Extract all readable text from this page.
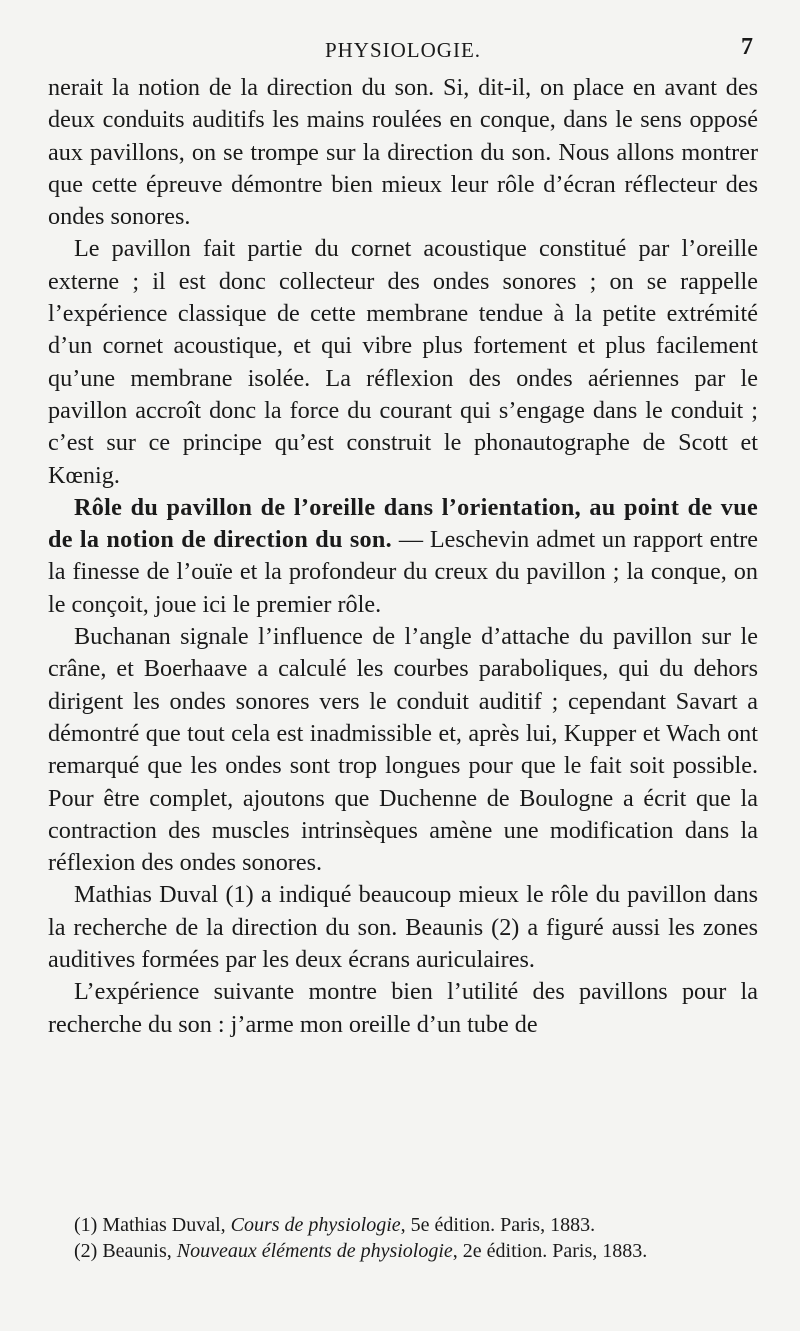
PHYSIOLOGIE.	7

nerait la notion de la direction du son. Si, dit-il, on place en avant des deux conduits auditifs les mains roulées en conque, dans le sens opposé aux pavillons, on se trompe sur la direction du son. Nous allons montrer que cette épreuve démontre bien mieux leur rôle d’écran réflecteur des ondes sonores.

Le pavillon fait partie du cornet acoustique constitué par l’oreille externe ; il est donc collecteur des ondes sonores ; on se rappelle l’expérience classique de cette membrane tendue à la petite extrémité d’un cornet acoustique, et qui vibre plus fortement et plus facilement qu’une membrane isolée. La réflexion des ondes aériennes par le pavillon accroît donc la force du courant qui s’engage dans le conduit ; c’est sur ce principe qu’est construit le phonautographe de Scott et Kœnig.

Rôle du pavillon de l’oreille dans l’orientation, au point de vue de la notion de direction du son. — Leschevin admet un rapport entre la finesse de l’ouïe et la profondeur du creux du pavillon ; la conque, on le conçoit, joue ici le premier rôle.

Buchanan signale l’influence de l’angle d’attache du pavillon sur le crâne, et Boerhaave a calculé les courbes paraboliques, qui du dehors dirigent les ondes sonores vers le conduit auditif ; cependant Savart a démontré que tout cela est inadmissible et, après lui, Kupper et Wach ont remarqué que les ondes sont trop longues pour que le fait soit possible. Pour être complet, ajoutons que Duchenne de Boulogne a écrit que la contraction des muscles intrinsèques amène une modification dans la réflexion des ondes sonores.

Mathias Duval (1) a indiqué beaucoup mieux le rôle du pavillon dans la recherche de la direction du son. Beaunis (2) a figuré aussi les zones auditives formées par les deux écrans auriculaires.

L’expérience suivante montre bien l’utilité des pavillons pour la recherche du son : j’arme mon oreille d’un tube de

(1) Mathias Duval, Cours de physiologie, 5e édition. Paris, 1883.

(2) Beaunis, Nouveaux éléments de physiologie, 2e édition. Paris, 1883.
